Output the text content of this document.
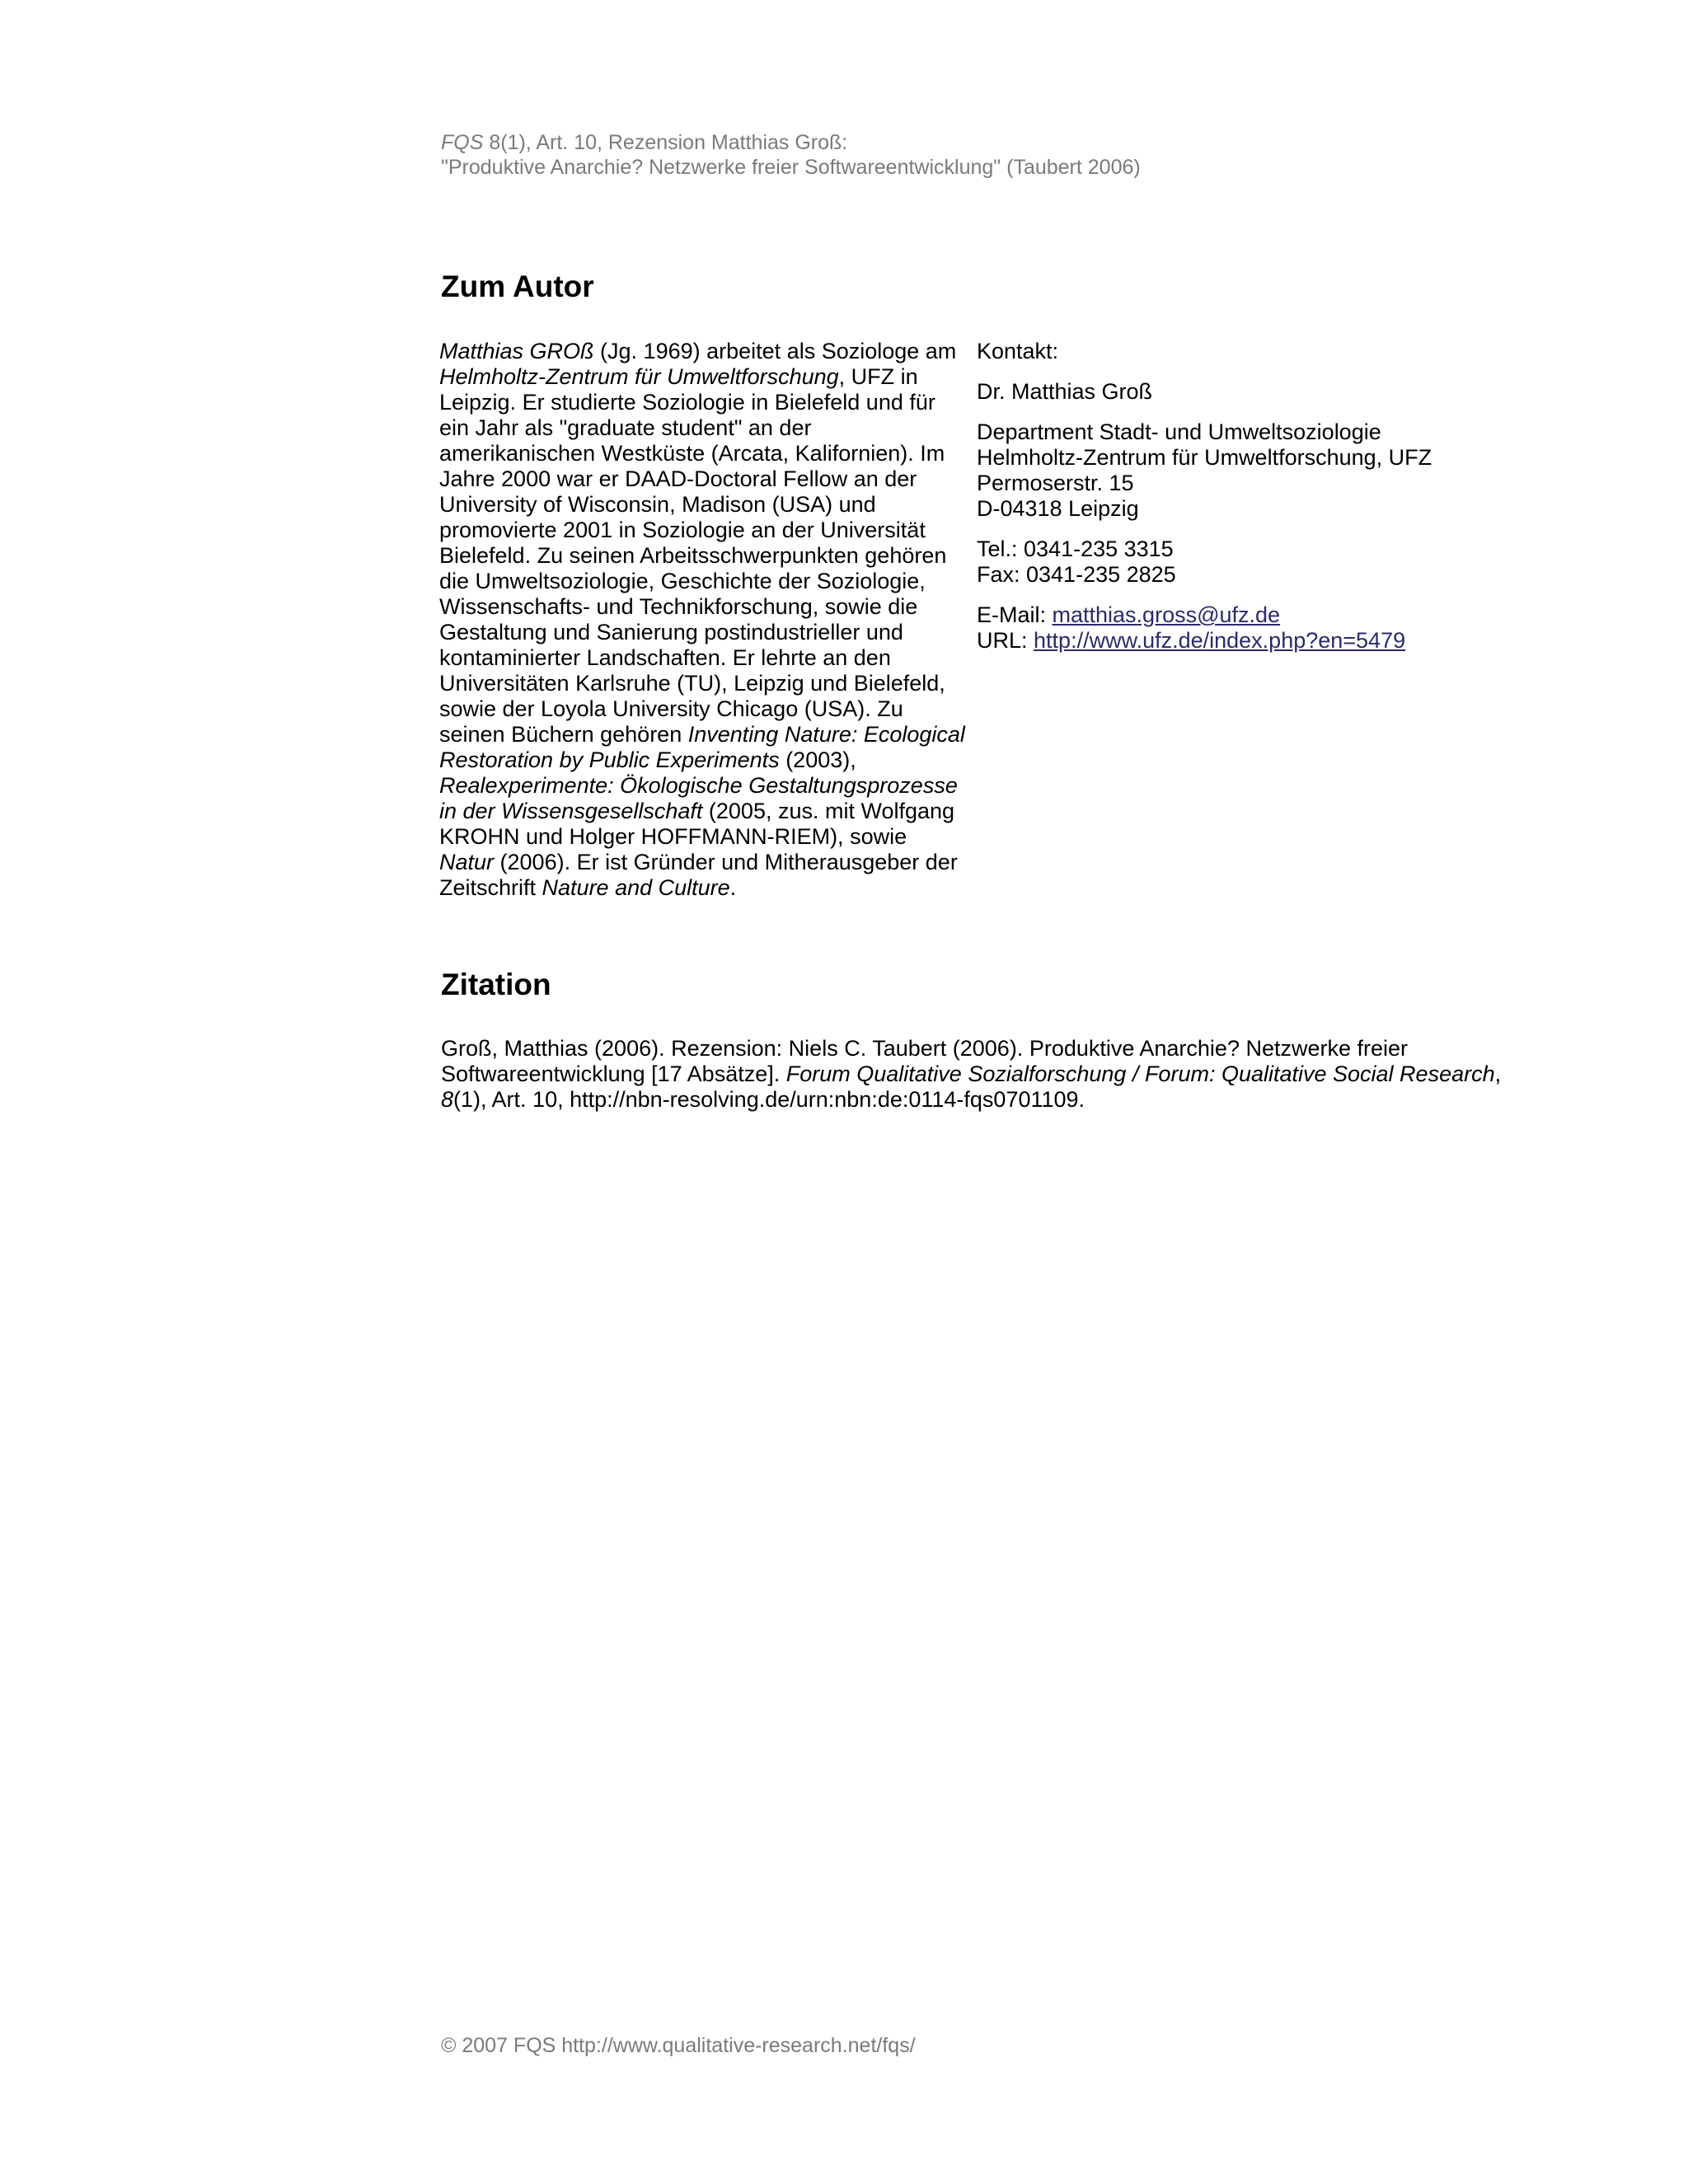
FQS 8(1), Art. 10, Rezension Matthias Groß:
"Produktive Anarchie? Netzwerke freier Softwareentwicklung" (Taubert 2006)
Zum Autor
Matthias GROß (Jg. 1969) arbeitet als Soziologe am Helmholtz-Zentrum für Umweltforschung, UFZ in Leipzig. Er studierte Soziologie in Bielefeld und für ein Jahr als "graduate student" an der amerikanischen Westküste (Arcata, Kalifornien). Im Jahre 2000 war er DAAD-Doctoral Fellow an der University of Wisconsin, Madison (USA) und promovierte 2001 in Soziologie an der Universität Bielefeld. Zu seinen Arbeitsschwerpunkten gehören die Umweltsoziologie, Geschichte der Soziologie, Wissenschafts- und Technikforschung, sowie die Gestaltung und Sanierung postindustrieller und kontaminierter Landschaften. Er lehrte an den Universitäten Karlsruhe (TU), Leipzig und Bielefeld, sowie der Loyola University Chicago (USA). Zu seinen Büchern gehören Inventing Nature: Ecological Restoration by Public Experiments (2003), Realexperimente: Ökologische Gestaltungsprozesse in der Wissensgesellschaft (2005, zus. mit Wolfgang KROHN und Holger HOFFMANN-RIEM), sowie Natur (2006). Er ist Gründer und Mitherausgeber der Zeitschrift Nature and Culture.

Kontakt:

Dr. Matthias Groß

Department Stadt- und Umweltsoziologie
Helmholtz-Zentrum für Umweltforschung, UFZ
Permoserstr. 15
D-04318 Leipzig

Tel.: 0341-235 3315
Fax: 0341-235 2825

E-Mail: matthias.gross@ufz.de
URL: http://www.ufz.de/index.php?en=5479

Zitation
Groß, Matthias (2006). Rezension: Niels C. Taubert (2006). Produktive Anarchie? Netzwerke freier Softwareentwicklung [17 Absätze]. Forum Qualitative Sozialforschung / Forum: Qualitative Social Research, 8(1), Art. 10, http://nbn-resolving.de/urn:nbn:de:0114-fqs0701109.
© 2007 FQS http://www.qualitative-research.net/fqs/
